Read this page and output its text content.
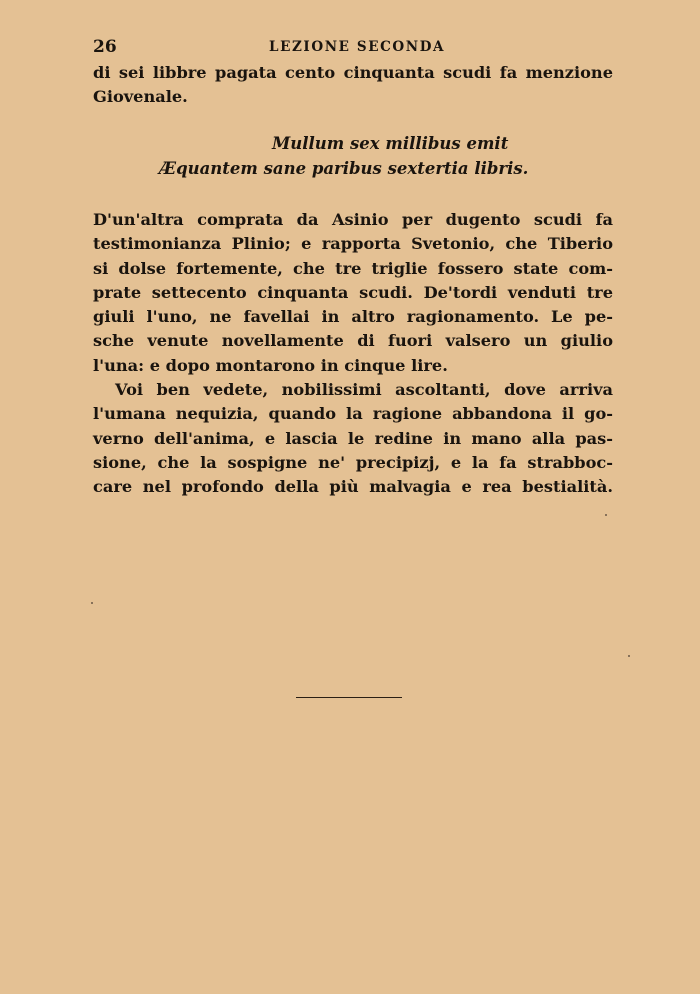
26	LEZIONE SECONDA
di sei libbre pagata cento cinquanta scudi fa menzione
Giovenale.
Mullum sex millibus emit
Æquantem sane paribus sextertia libris.
D'un'altra comprata da Asinio per dugento scudi fa
testimonianza Plinio; e rapporta Svetonio, che Tiberio
si dolse fortemente, che tre triglie fossero state com-
prate settecento cinquanta scudi. De'tordi venduti tre
giuli l'uno, ne favellai in altro ragionamento. Le pe-
sche venute novellamente di fuori valsero un giulio
l'una: e dopo montarono in cinque lire.
Voi ben vedete, nobilissimi ascoltanti, dove arriva
l'umana nequizia, quando la ragione abbandona il go-
verno dell'anima, e lascia le redine in mano alla pas-
sione, che la sospigne ne' precipizj, e la fa strabboc-
care nel profondo della più malvagia e rea bestialità.
